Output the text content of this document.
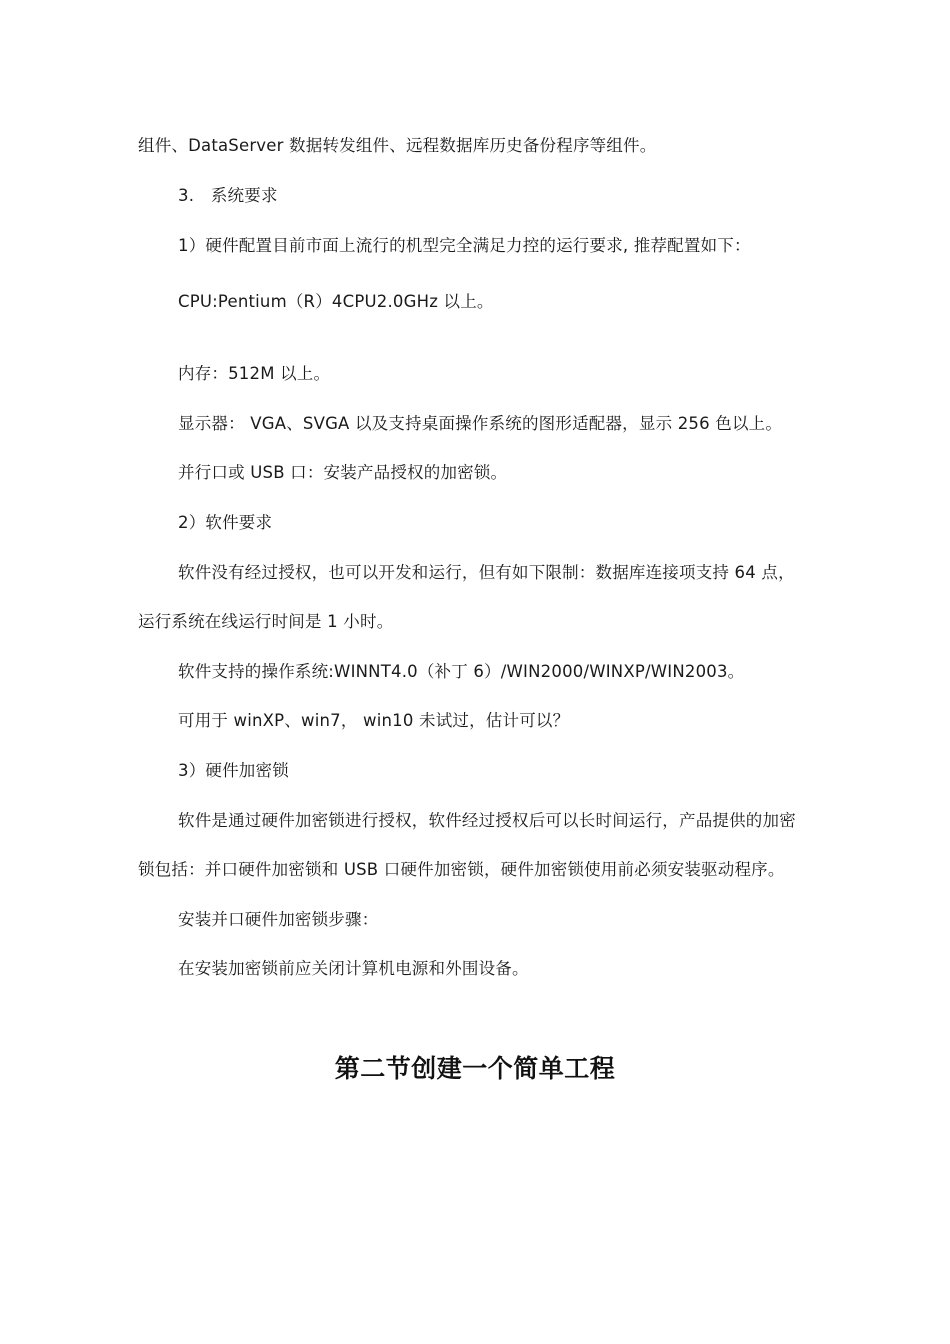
组件、DataServer 数据转发组件、远程数据库历史备份程序等组件。
3.　系统要求
1）硬件配置目前市面上流行的机型完全满足力控的运行要求, 推荐配置如下：
CPU:Pentium（R）4CPU2.0GHz 以上。
内存：512M 以上。
显示器： VGA、SVGA 以及支持桌面操作系统的图形适配器，显示 256 色以上。
并行口或 USB 口：安装产品授权的加密锁。
2）软件要求
软件没有经过授权，也可以开发和运行，但有如下限制：数据库连接项支持 64 点，
运行系统在线运行时间是 1 小时。
软件支持的操作系统:WINNT4.0（补丁 6）/WIN2000/WINXP/WIN2003。
可用于 winXP、win7， win10 未试过，估计可以？
3）硬件加密锁
软件是通过硬件加密锁进行授权，软件经过授权后可以长时间运行，产品提供的加密
锁包括：并口硬件加密锁和 USB 口硬件加密锁，硬件加密锁使用前必须安装驱动程序。
安装并口硬件加密锁步骤：
在安装加密锁前应关闭计算机电源和外围设备。
第二节创建一个简单工程
